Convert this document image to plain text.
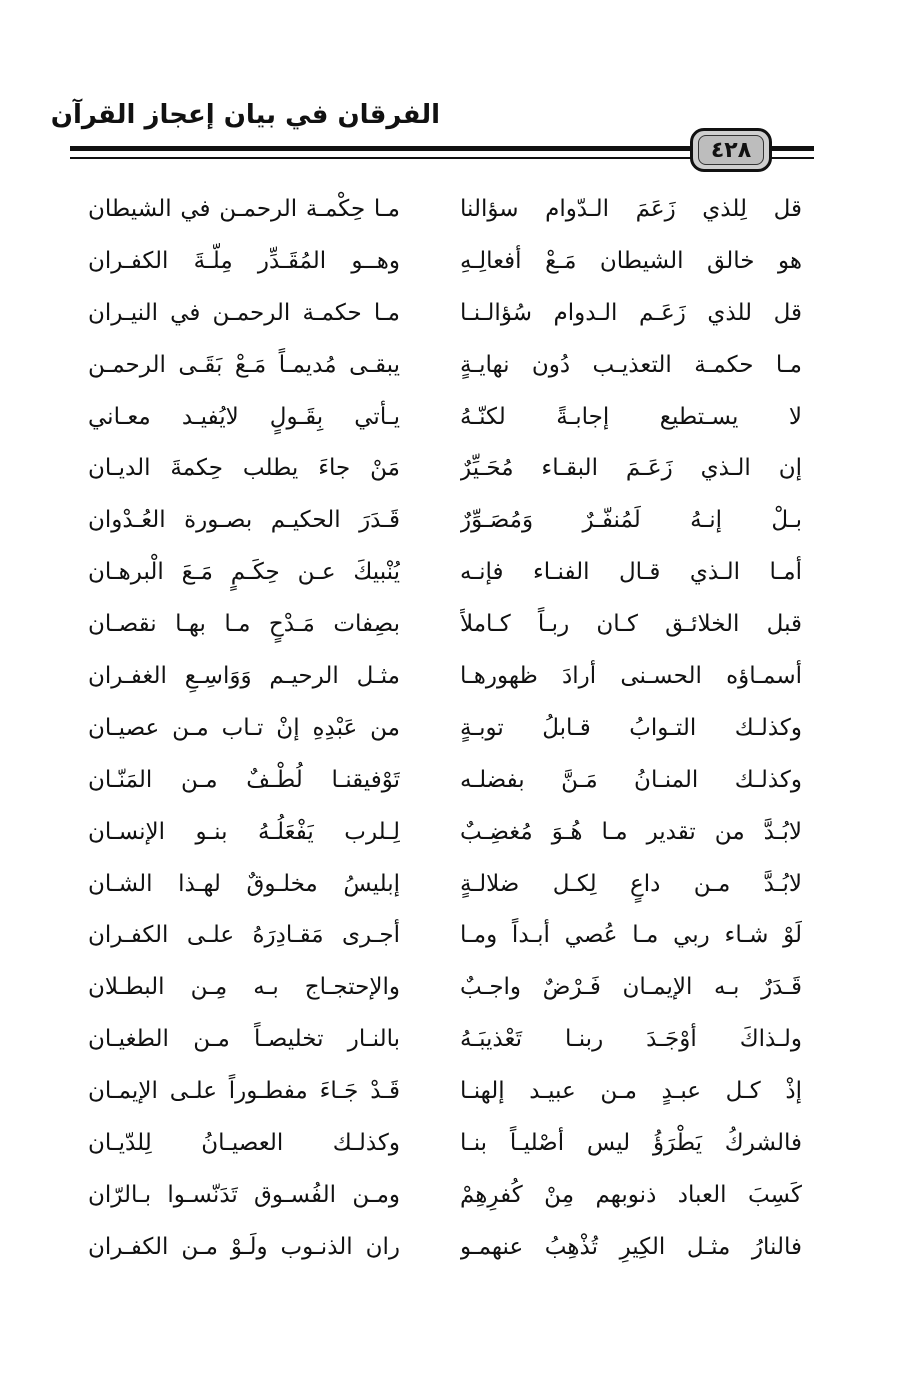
الفرقان في بيان إعجاز القرآن
٤٢٨
قل لِلذي زَعَمَ الـدّوام سؤالنا
هو خالق الشيطان مَـعْ أفعالِـهِ
قل للذي زَعَـم الـدوام سُؤالـنـا
مـا حكمـة التعذيـب دُون نهايـةٍ
لا يسـتطيع إجابـةً لكنّـهُ
إن الـذي زَعَـمَ البقـاء مُحَـيِّرٌ
بـلْ إنـهُ لَمُنفّـرٌ وَمُصَـوِّرٌ
أمـا الـذي قـال الفنـاء فإنـه
قبل الخلائـق كـان ربـاً كـاملاً
أسمـاؤه الحسـنى أرادَ ظهورهـا
وكذلـك التـوابُ قـابلُ توبـةٍ
وكذلـك المنـانُ مَـنَّ بفضلـه
لابُـدَّ من تقدير مـا هُـوَ مُغضِـبٌ
لابُـدَّ مـن داعٍ لِكـل ضلالـةٍ
لَوْ شـاء ربي مـا عُصي أبـداً ومـا
قَـدَرٌ بـه الإيمـان فَـرْضٌ واجـبٌ
ولـذاكَ أوْجَـدَ ربنـا تَعْذيبَـهُ
إذْ كـل عبـدٍ مـن عبيـد إلهنـا
فالشركُ يَطْرَؤُ ليس أصْليـاً بنـا
كَسِبَ العباد ذنوبهم مِنْ كُفرِهِمْ
فالنارُ مثـل الكِيرِ تُذْهِبُ عنهمـو
مـا حِكْمـة الرحمـن في الشيطان
وهــو المُقَـدِّر مِلّـةَ الكفـران
مـا حكمـة الرحمـن في النيـران
يبقـى مُديمـاً مَـعْ بَقَـى الرحمـن
يـأتي بِقَـولٍ لايُفيـد معـاني
مَنْ جاءَ يطلب حِكمةَ الديـان
قَـدَرَ الحكيـم بصـورة العُـدْوان
يُنْبيكَ عـن حِكَـمٍ مَـعَ الْبرهـان
بصِفات مَـدْحٍ مـا بهـا نقصـان
مثـل الرحيـم وَوَاسِـعِ الغفـران
من عَبْدِهِ إنْ تـاب مـن عصيـان
تَوْفيقنـا لُطْـفٌ مـن المَنّـان
لِـلرب يَفْعَلُـهُ بنـو الإنسـان
إبليسُ مخلـوقٌ لهـذا الشـان
أجـرى مَقـادِرَهُ علـى الكفـران
والإحتجـاج بـه مِـن البطـلان
بالنـار تخليصـاً مـن الطغيـان
قَـدْ جَـاءَ مفطـوراً علـى الإيمـان
وكذلـك العصيـانُ لِلدّيـان
ومـن الفُسـوق تَدَنّسـوا بـالرّان
ران الذنـوب ولَـوْ مـن الكفـران
